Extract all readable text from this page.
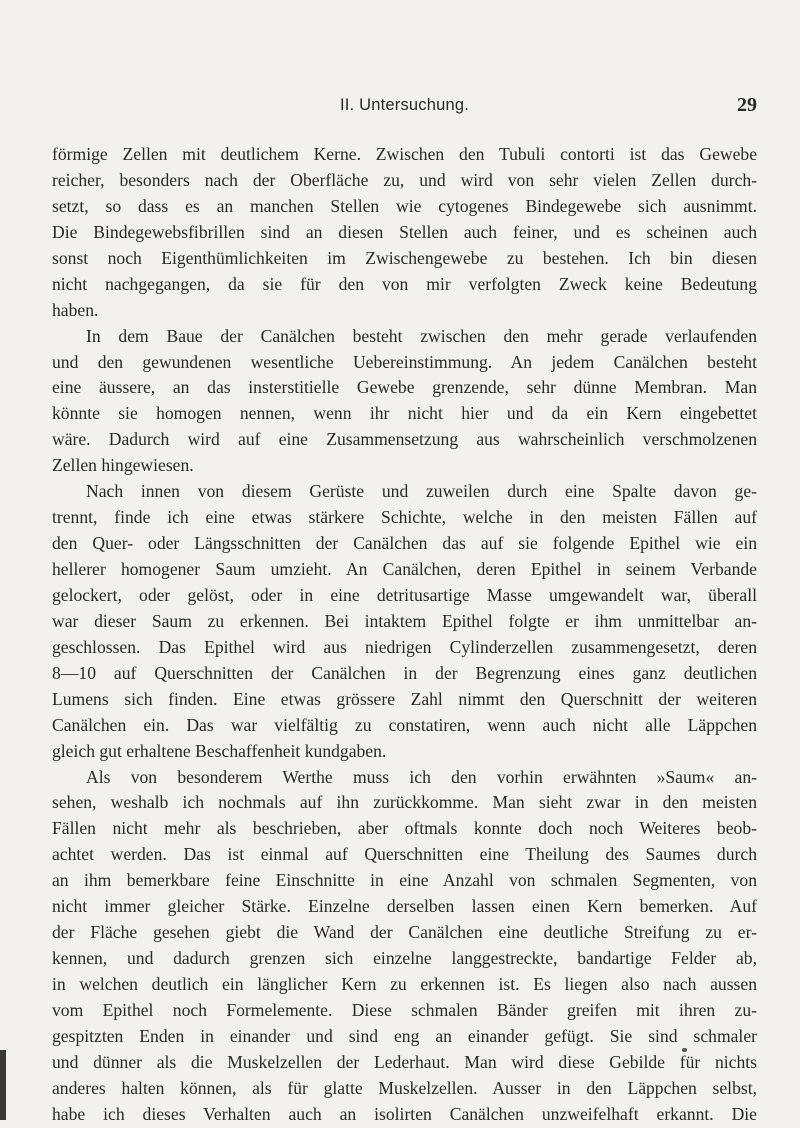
II. Untersuchung.	29
förmige Zellen mit deutlichem Kerne. Zwischen den Tubuli contorti ist das Gewebe
reicher, besonders nach der Oberfläche zu, und wird von sehr vielen Zellen durch-
setzt, so dass es an manchen Stellen wie cytogenes Bindegewebe sich ausnimmt.
Die Bindegewebsfibrillen sind an diesen Stellen auch feiner, und es scheinen auch
sonst noch Eigenthümlichkeiten im Zwischengewebe zu bestehen. Ich bin diesen
nicht nachgegangen, da sie für den von mir verfolgten Zweck keine Bedeutung
haben.
In dem Baue der Canälchen besteht zwischen den mehr gerade verlaufenden
und den gewundenen wesentliche Uebereinstimmung. An jedem Canälchen besteht
eine äussere, an das insterstitielle Gewebe grenzende, sehr dünne Membran. Man
könnte sie homogen nennen, wenn ihr nicht hier und da ein Kern eingebettet
wäre. Dadurch wird auf eine Zusammensetzung aus wahrscheinlich verschmolzenen
Zellen hingewiesen.
Nach innen von diesem Gerüste und zuweilen durch eine Spalte davon ge-
trennt, finde ich eine etwas stärkere Schichte, welche in den meisten Fällen auf
den Quer- oder Längsschnitten der Canälchen das auf sie folgende Epithel wie ein
hellerer homogener Saum umzieht. An Canälchen, deren Epithel in seinem Verbande
gelockert, oder gelöst, oder in eine detritusartige Masse umgewandelt war, überall
war dieser Saum zu erkennen. Bei intaktem Epithel folgte er ihm unmittelbar an-
geschlossen. Das Epithel wird aus niedrigen Cylinderzellen zusammengesetzt, deren
8—10 auf Querschnitten der Canälchen in der Begrenzung eines ganz deutlichen
Lumens sich finden. Eine etwas grössere Zahl nimmt den Querschnitt der weiteren
Canälchen ein. Das war vielfältig zu constatiren, wenn auch nicht alle Läppchen
gleich gut erhaltene Beschaffenheit kundgaben.
Als von besonderem Werthe muss ich den vorhin erwähnten »Saum« an-
sehen, weshalb ich nochmals auf ihn zurückkomme. Man sieht zwar in den meisten
Fällen nicht mehr als beschrieben, aber oftmals konnte doch noch Weiteres beob-
achtet werden. Das ist einmal auf Querschnitten eine Theilung des Saumes durch
an ihm bemerkbare feine Einschnitte in eine Anzahl von schmalen Segmenten, von
nicht immer gleicher Stärke. Einzelne derselben lassen einen Kern bemerken. Auf
der Fläche gesehen giebt die Wand der Canälchen eine deutliche Streifung zu er-
kennen, und dadurch grenzen sich einzelne langgestreckte, bandartige Felder ab,
in welchen deutlich ein länglicher Kern zu erkennen ist. Es liegen also nach aussen
vom Epithel noch Formelemente. Diese schmalen Bänder greifen mit ihren zu-
gespitzten Enden in einander und sind eng an einander gefügt. Sie sind schmaler
und dünner als die Muskelzellen der Lederhaut. Man wird diese Gebilde für nichts
anderes halten können, als für glatte Muskelzellen. Ausser in den Läppchen selbst,
habe ich dieses Verhalten auch an isolirten Canälchen unzweifelhaft erkannt. Die
